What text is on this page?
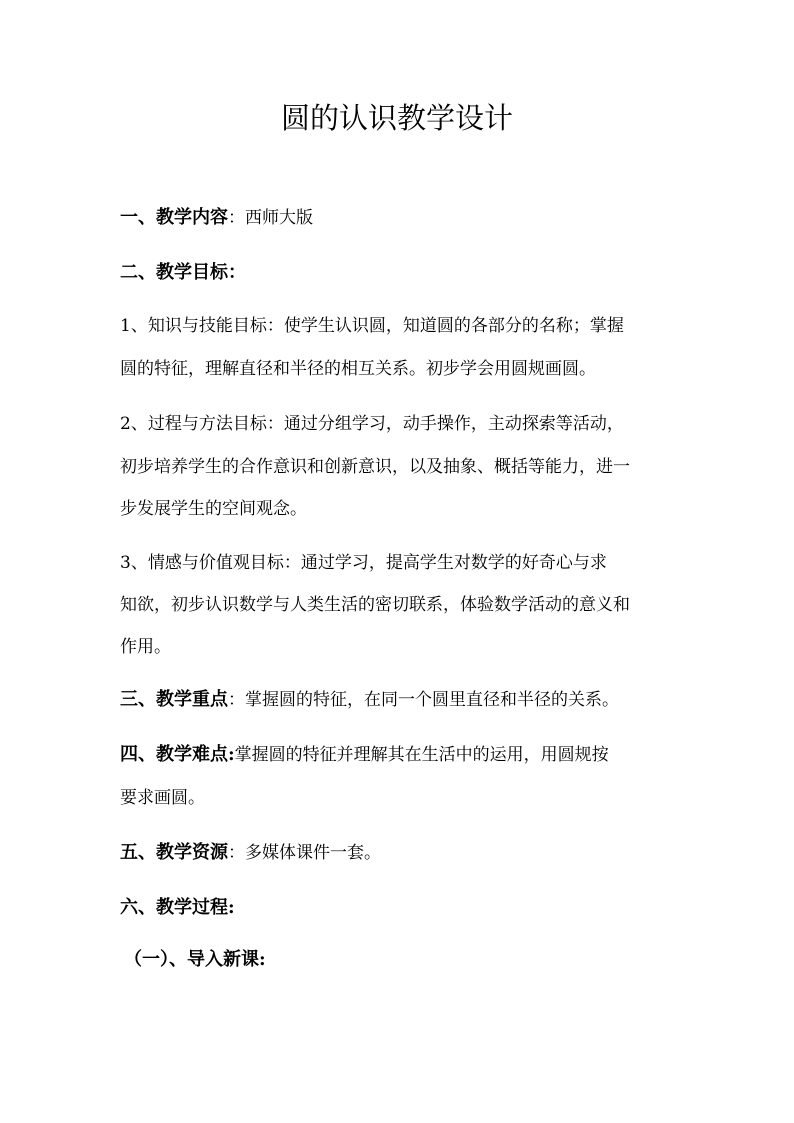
圆的认识教学设计

一、教学内容：西师大版

二、教学目标：

1、知识与技能目标：使学生认识圆，知道圆的各部分的名称；掌握

圆的特征，理解直径和半径的相互关系。初步学会用圆规画圆。

2、过程与方法目标：通过分组学习，动手操作，主动探索等活动，

初步培养学生的合作意识和创新意识，以及抽象、概括等能力，进一

步发展学生的空间观念。

3、情感与价值观目标：通过学习，提高学生对数学的好奇心与求

知欲，初步认识数学与人类生活的密切联系，体验数学活动的意义和

作用。

三、教学重点：掌握圆的特征，在同一个圆里直径和半径的关系。

四、教学难点:掌握圆的特征并理解其在生活中的运用，用圆规按

要求画圆。

五、教学资源：多媒体课件一套。

六、教学过程:

（一）、导入新课:
